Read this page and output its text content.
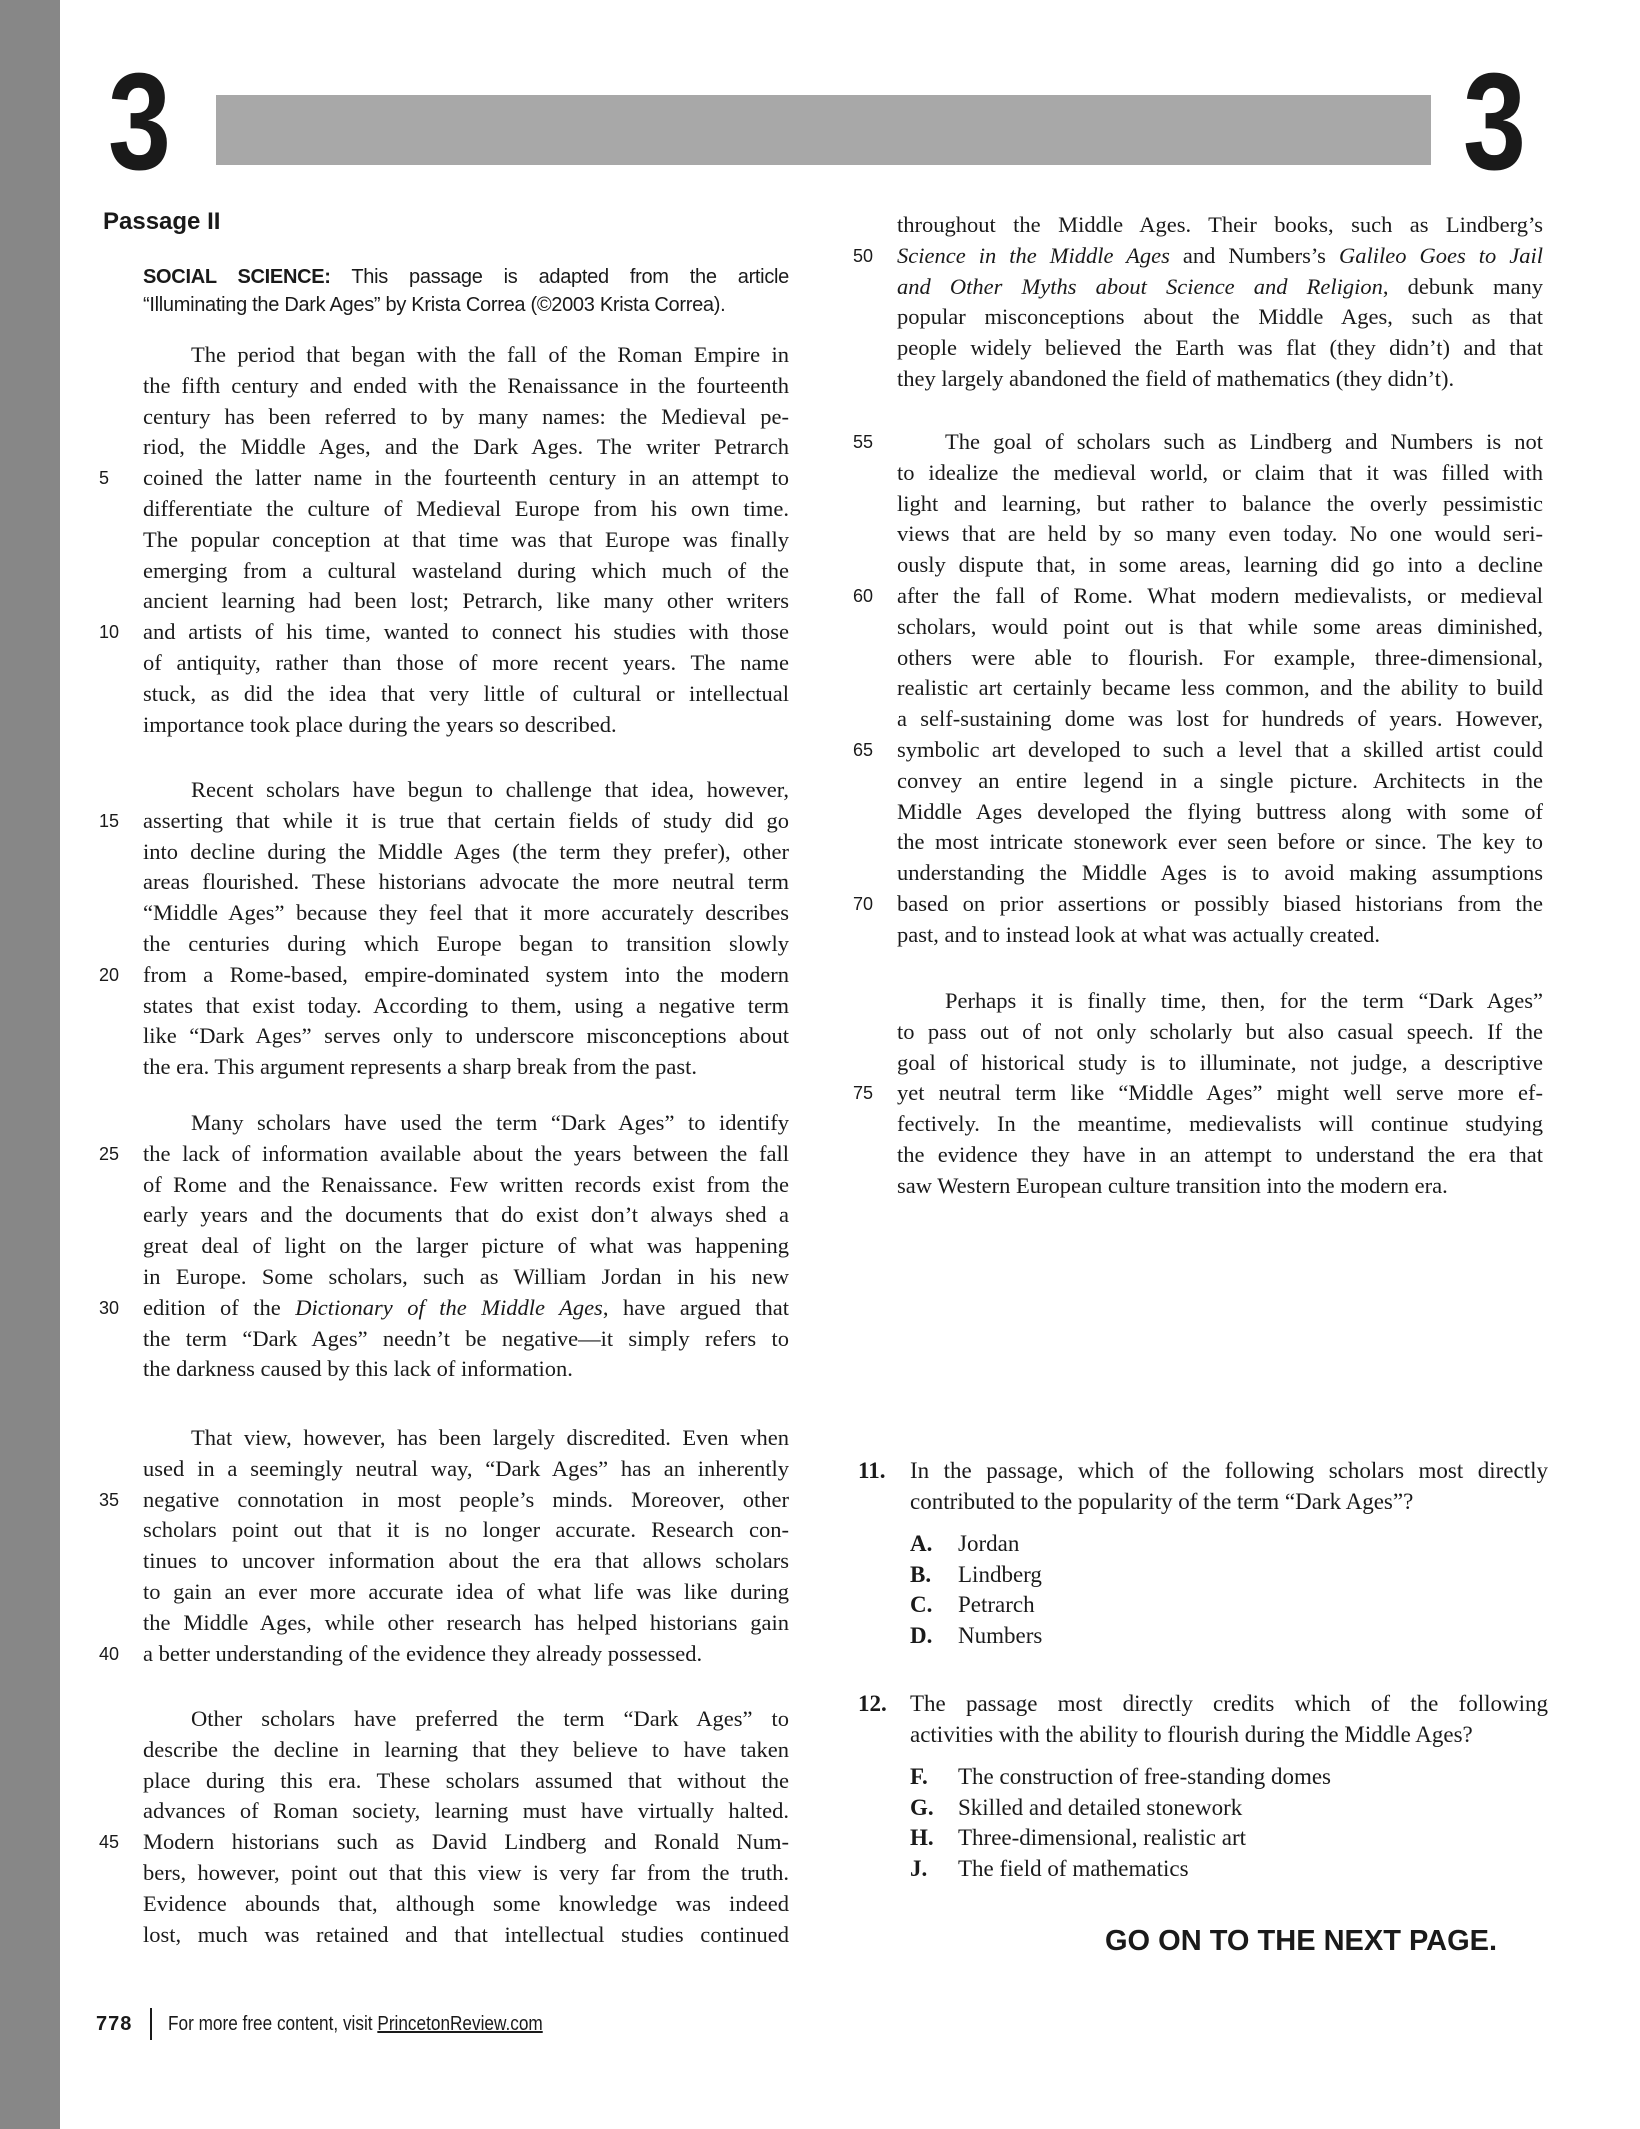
3	3
Passage II
SOCIAL SCIENCE: This passage is adapted from the article
“Illuminating the Dark Ages” by Krista Correa (©2003 Krista Correa).
The period that began with the fall of the Roman Empire in
the fifth century and ended with the Renaissance in the fourteenth
century has been referred to by many names: the Medieval pe-
riod, the Middle Ages, and the Dark Ages. The writer Petrarch
5	coined the latter name in the fourteenth century in an attempt to
differentiate the culture of Medieval Europe from his own time.
The popular conception at that time was that Europe was finally
emerging from a cultural wasteland during which much of the
ancient learning had been lost; Petrarch, like many other writers
10	and artists of his time, wanted to connect his studies with those
of antiquity, rather than those of more recent years. The name
stuck, as did the idea that very little of cultural or intellectual
importance took place during the years so described.
Recent scholars have begun to challenge that idea, however,
15	asserting that while it is true that certain fields of study did go
into decline during the Middle Ages (the term they prefer), other
areas flourished. These historians advocate the more neutral term
“Middle Ages” because they feel that it more accurately describes
the centuries during which Europe began to transition slowly
20	from a Rome-based, empire-dominated system into the modern
states that exist today. According to them, using a negative term
like “Dark Ages” serves only to underscore misconceptions about
the era. This argument represents a sharp break from the past.
Many scholars have used the term “Dark Ages” to identify
25	the lack of information available about the years between the fall
of Rome and the Renaissance. Few written records exist from the
early years and the documents that do exist don’t always shed a
great deal of light on the larger picture of what was happening
in Europe. Some scholars, such as William Jordan in his new
30	edition of the Dictionary of the Middle Ages, have argued that
the term “Dark Ages” needn’t be negative—it simply refers to
the darkness caused by this lack of information.
That view, however, has been largely discredited. Even when
used in a seemingly neutral way, “Dark Ages” has an inherently
35	negative connotation in most people’s minds. Moreover, other
scholars point out that it is no longer accurate. Research con-
tinues to uncover information about the era that allows scholars
to gain an ever more accurate idea of what life was like during
the Middle Ages, while other research has helped historians gain
40	a better understanding of the evidence they already possessed.
Other scholars have preferred the term “Dark Ages” to
describe the decline in learning that they believe to have taken
place during this era. These scholars assumed that without the
advances of Roman society, learning must have virtually halted.
45	Modern historians such as David Lindberg and Ronald Num-
bers, however, point out that this view is very far from the truth.
Evidence abounds that, although some knowledge was indeed
lost, much was retained and that intellectual studies continued
throughout the Middle Ages. Their books, such as Lindberg’s
50	Science in the Middle Ages and Numbers’s Galileo Goes to Jail
and Other Myths about Science and Religion, debunk many
popular misconceptions about the Middle Ages, such as that
people widely believed the Earth was flat (they didn’t) and that
they largely abandoned the field of mathematics (they didn’t).
55	The goal of scholars such as Lindberg and Numbers is not
to idealize the medieval world, or claim that it was filled with
light and learning, but rather to balance the overly pessimistic
views that are held by so many even today. No one would seri-
ously dispute that, in some areas, learning did go into a decline
60	after the fall of Rome. What modern medievalists, or medieval
scholars, would point out is that while some areas diminished,
others were able to flourish. For example, three-dimensional,
realistic art certainly became less common, and the ability to build
a self-sustaining dome was lost for hundreds of years. However,
65	symbolic art developed to such a level that a skilled artist could
convey an entire legend in a single picture. Architects in the
Middle Ages developed the flying buttress along with some of
the most intricate stonework ever seen before or since. The key to
understanding the Middle Ages is to avoid making assumptions
70	based on prior assertions or possibly biased historians from the
past, and to instead look at what was actually created.
Perhaps it is finally time, then, for the term “Dark Ages”
to pass out of not only scholarly but also casual speech. If the
goal of historical study is to illuminate, not judge, a descriptive
75	yet neutral term like “Middle Ages” might well serve more ef-
fectively. In the meantime, medievalists will continue studying
the evidence they have in an attempt to understand the era that
saw Western European culture transition into the modern era.
11. In the passage, which of the following scholars most directly
contributed to the popularity of the term “Dark Ages”?
A. Jordan
B. Lindberg
C. Petrarch
D. Numbers
12. The passage most directly credits which of the following
activities with the ability to flourish during the Middle Ages?
F. The construction of free-standing domes
G. Skilled and detailed stonework
H. Three-dimensional, realistic art
J. The field of mathematics
GO ON TO THE NEXT PAGE.
778 For more free content, visit PrincetonReview.com
